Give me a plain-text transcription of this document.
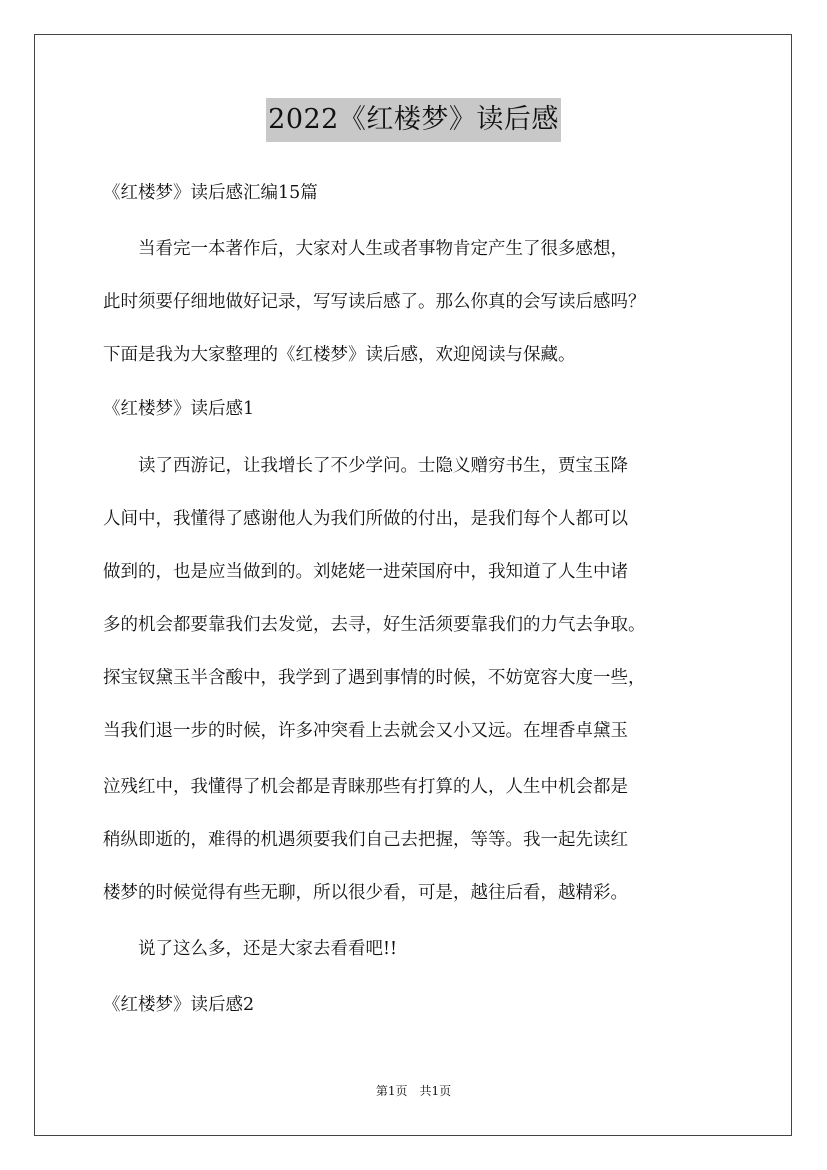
2022《红楼梦》读后感
《红楼梦》读后感汇编15篇
　　当看完一本著作后，大家对人生或者事物肯定产生了很多感想，
此时须要仔细地做好记录，写写读后感了。那么你真的会写读后感吗？
下面是我为大家整理的《红楼梦》读后感，欢迎阅读与保藏。
《红楼梦》读后感1
　　读了西游记，让我增长了不少学问。士隐义赠穷书生，贾宝玉降
人间中，我懂得了感谢他人为我们所做的付出，是我们每个人都可以
做到的，也是应当做到的。刘姥姥一进荣国府中，我知道了人生中诸
多的机会都要靠我们去发觉，去寻，好生活须要靠我们的力气去争取。
探宝钗黛玉半含酸中，我学到了遇到事情的时候，不妨宽容大度一些，
当我们退一步的时候，许多冲突看上去就会又小又远。在埋香卓黛玉
泣残红中，我懂得了机会都是青睐那些有打算的人，人生中机会都是
稍纵即逝的，难得的机遇须要我们自己去把握，等等。我一起先读红
楼梦的时候觉得有些无聊，所以很少看，可是，越往后看，越精彩。
　　说了这么多，还是大家去看看吧!!
《红楼梦》读后感2
第1页　共1页
